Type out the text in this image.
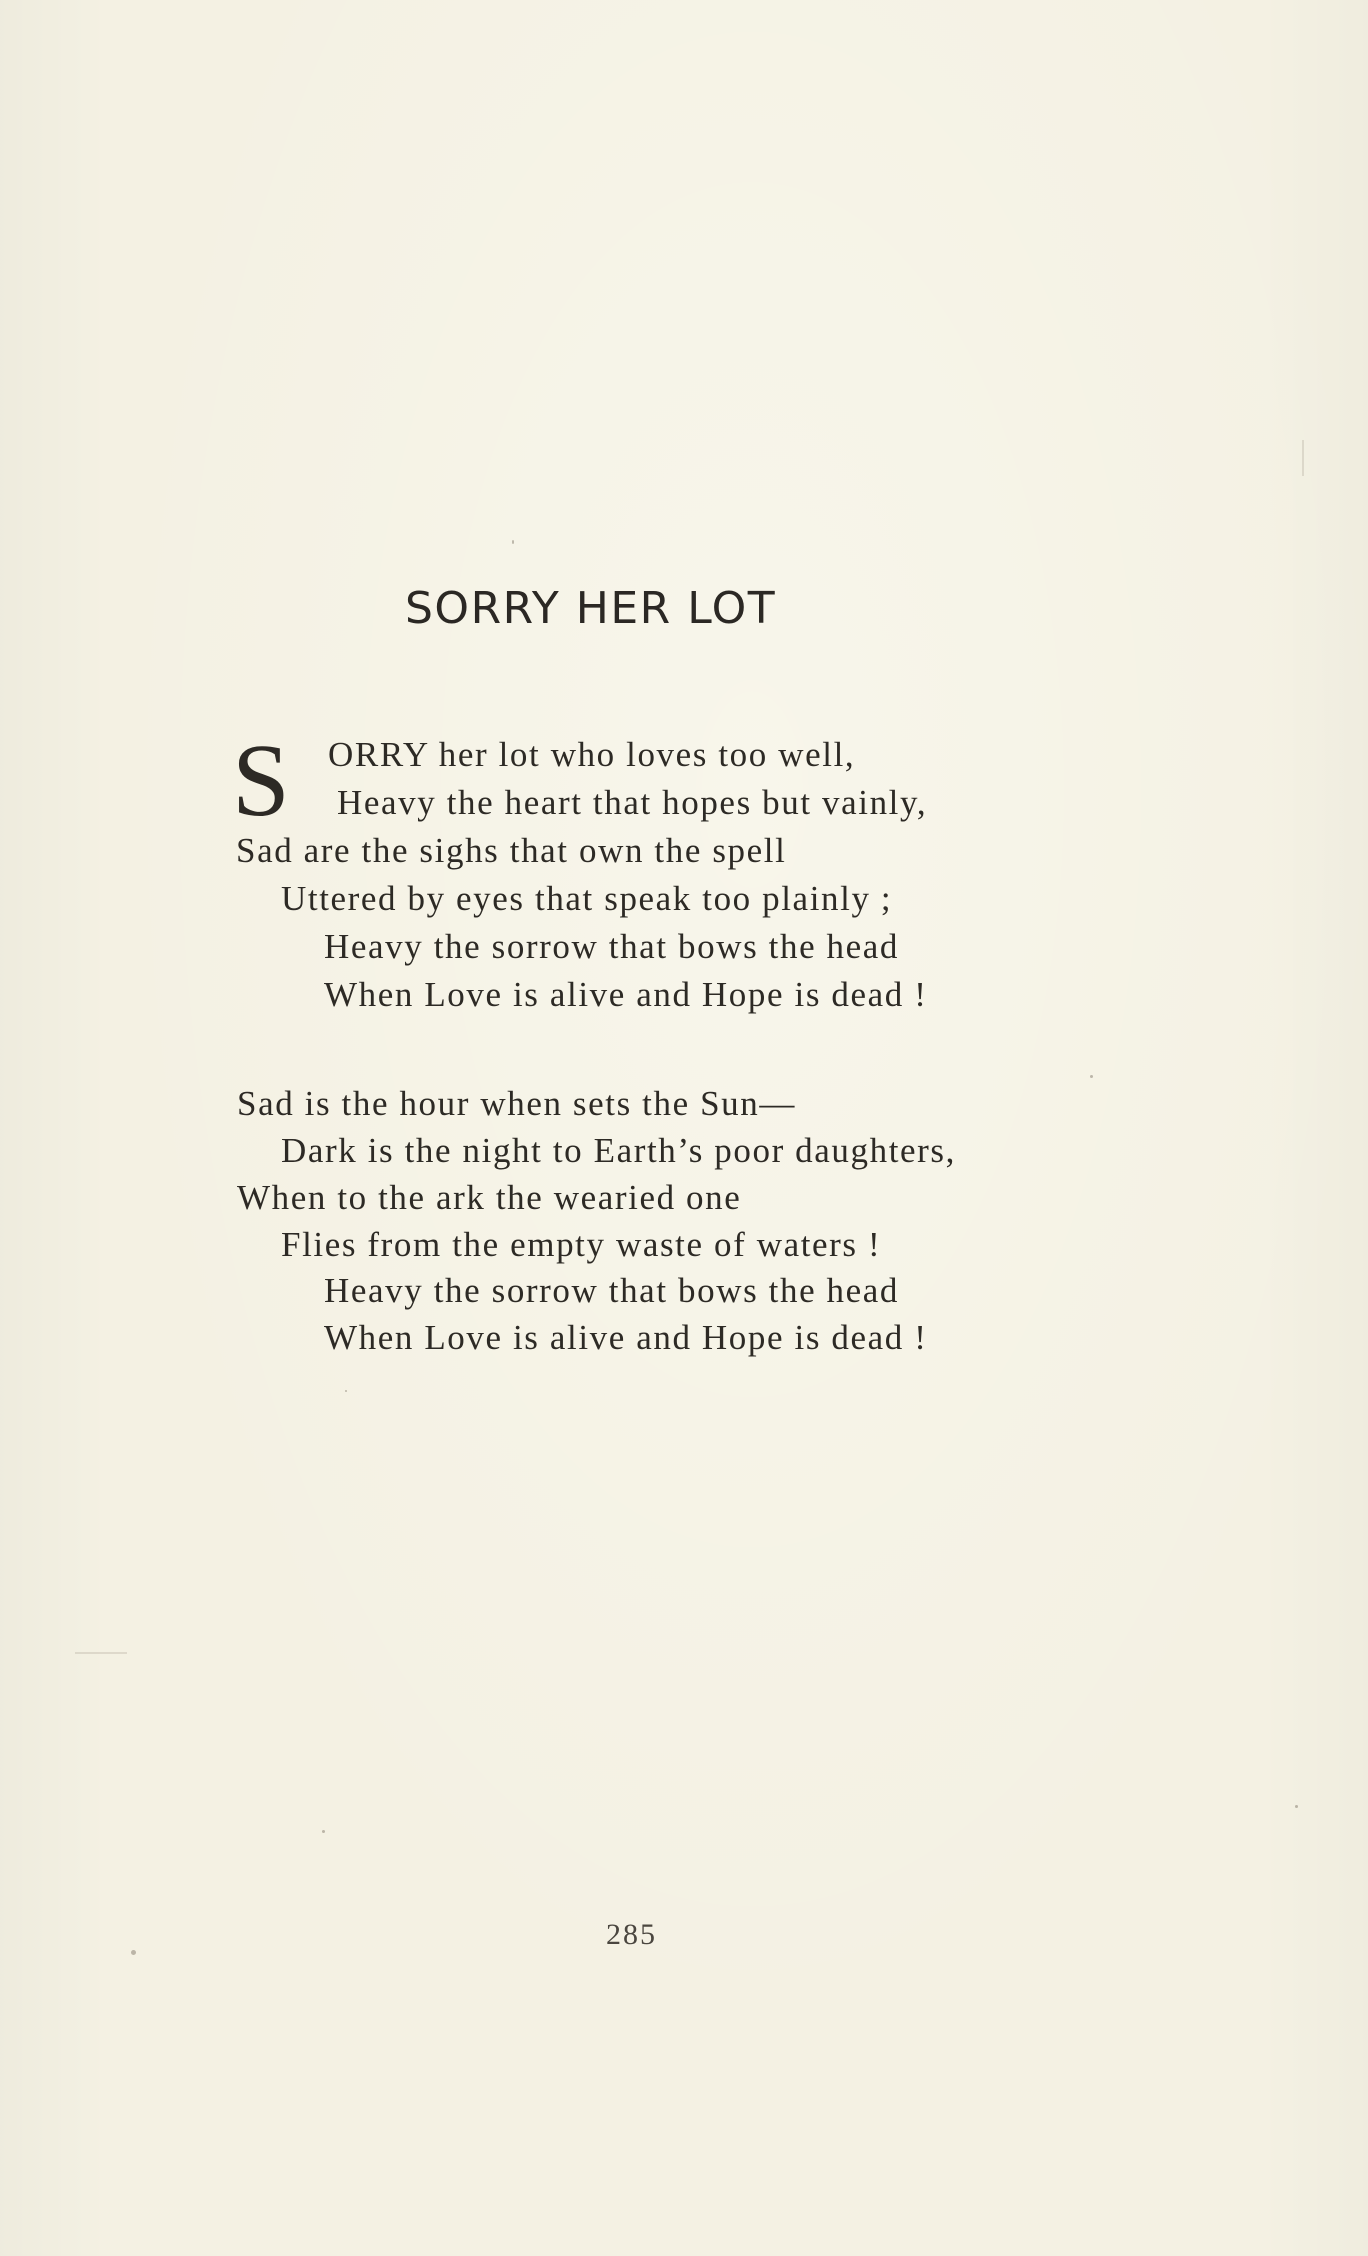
SORRY HER LOT
S ORRY her lot who loves too well,
Heavy the heart that hopes but vainly,
Sad are the sighs that own the spell
Uttered by eyes that speak too plainly ;
Heavy the sorrow that bows the head
When Love is alive and Hope is dead !
Sad is the hour when sets the Sun—
Dark is the night to Earth’s poor daughters,
When to the ark the wearied one
Flies from the empty waste of waters !
Heavy the sorrow that bows the head
When Love is alive and Hope is dead !
285
